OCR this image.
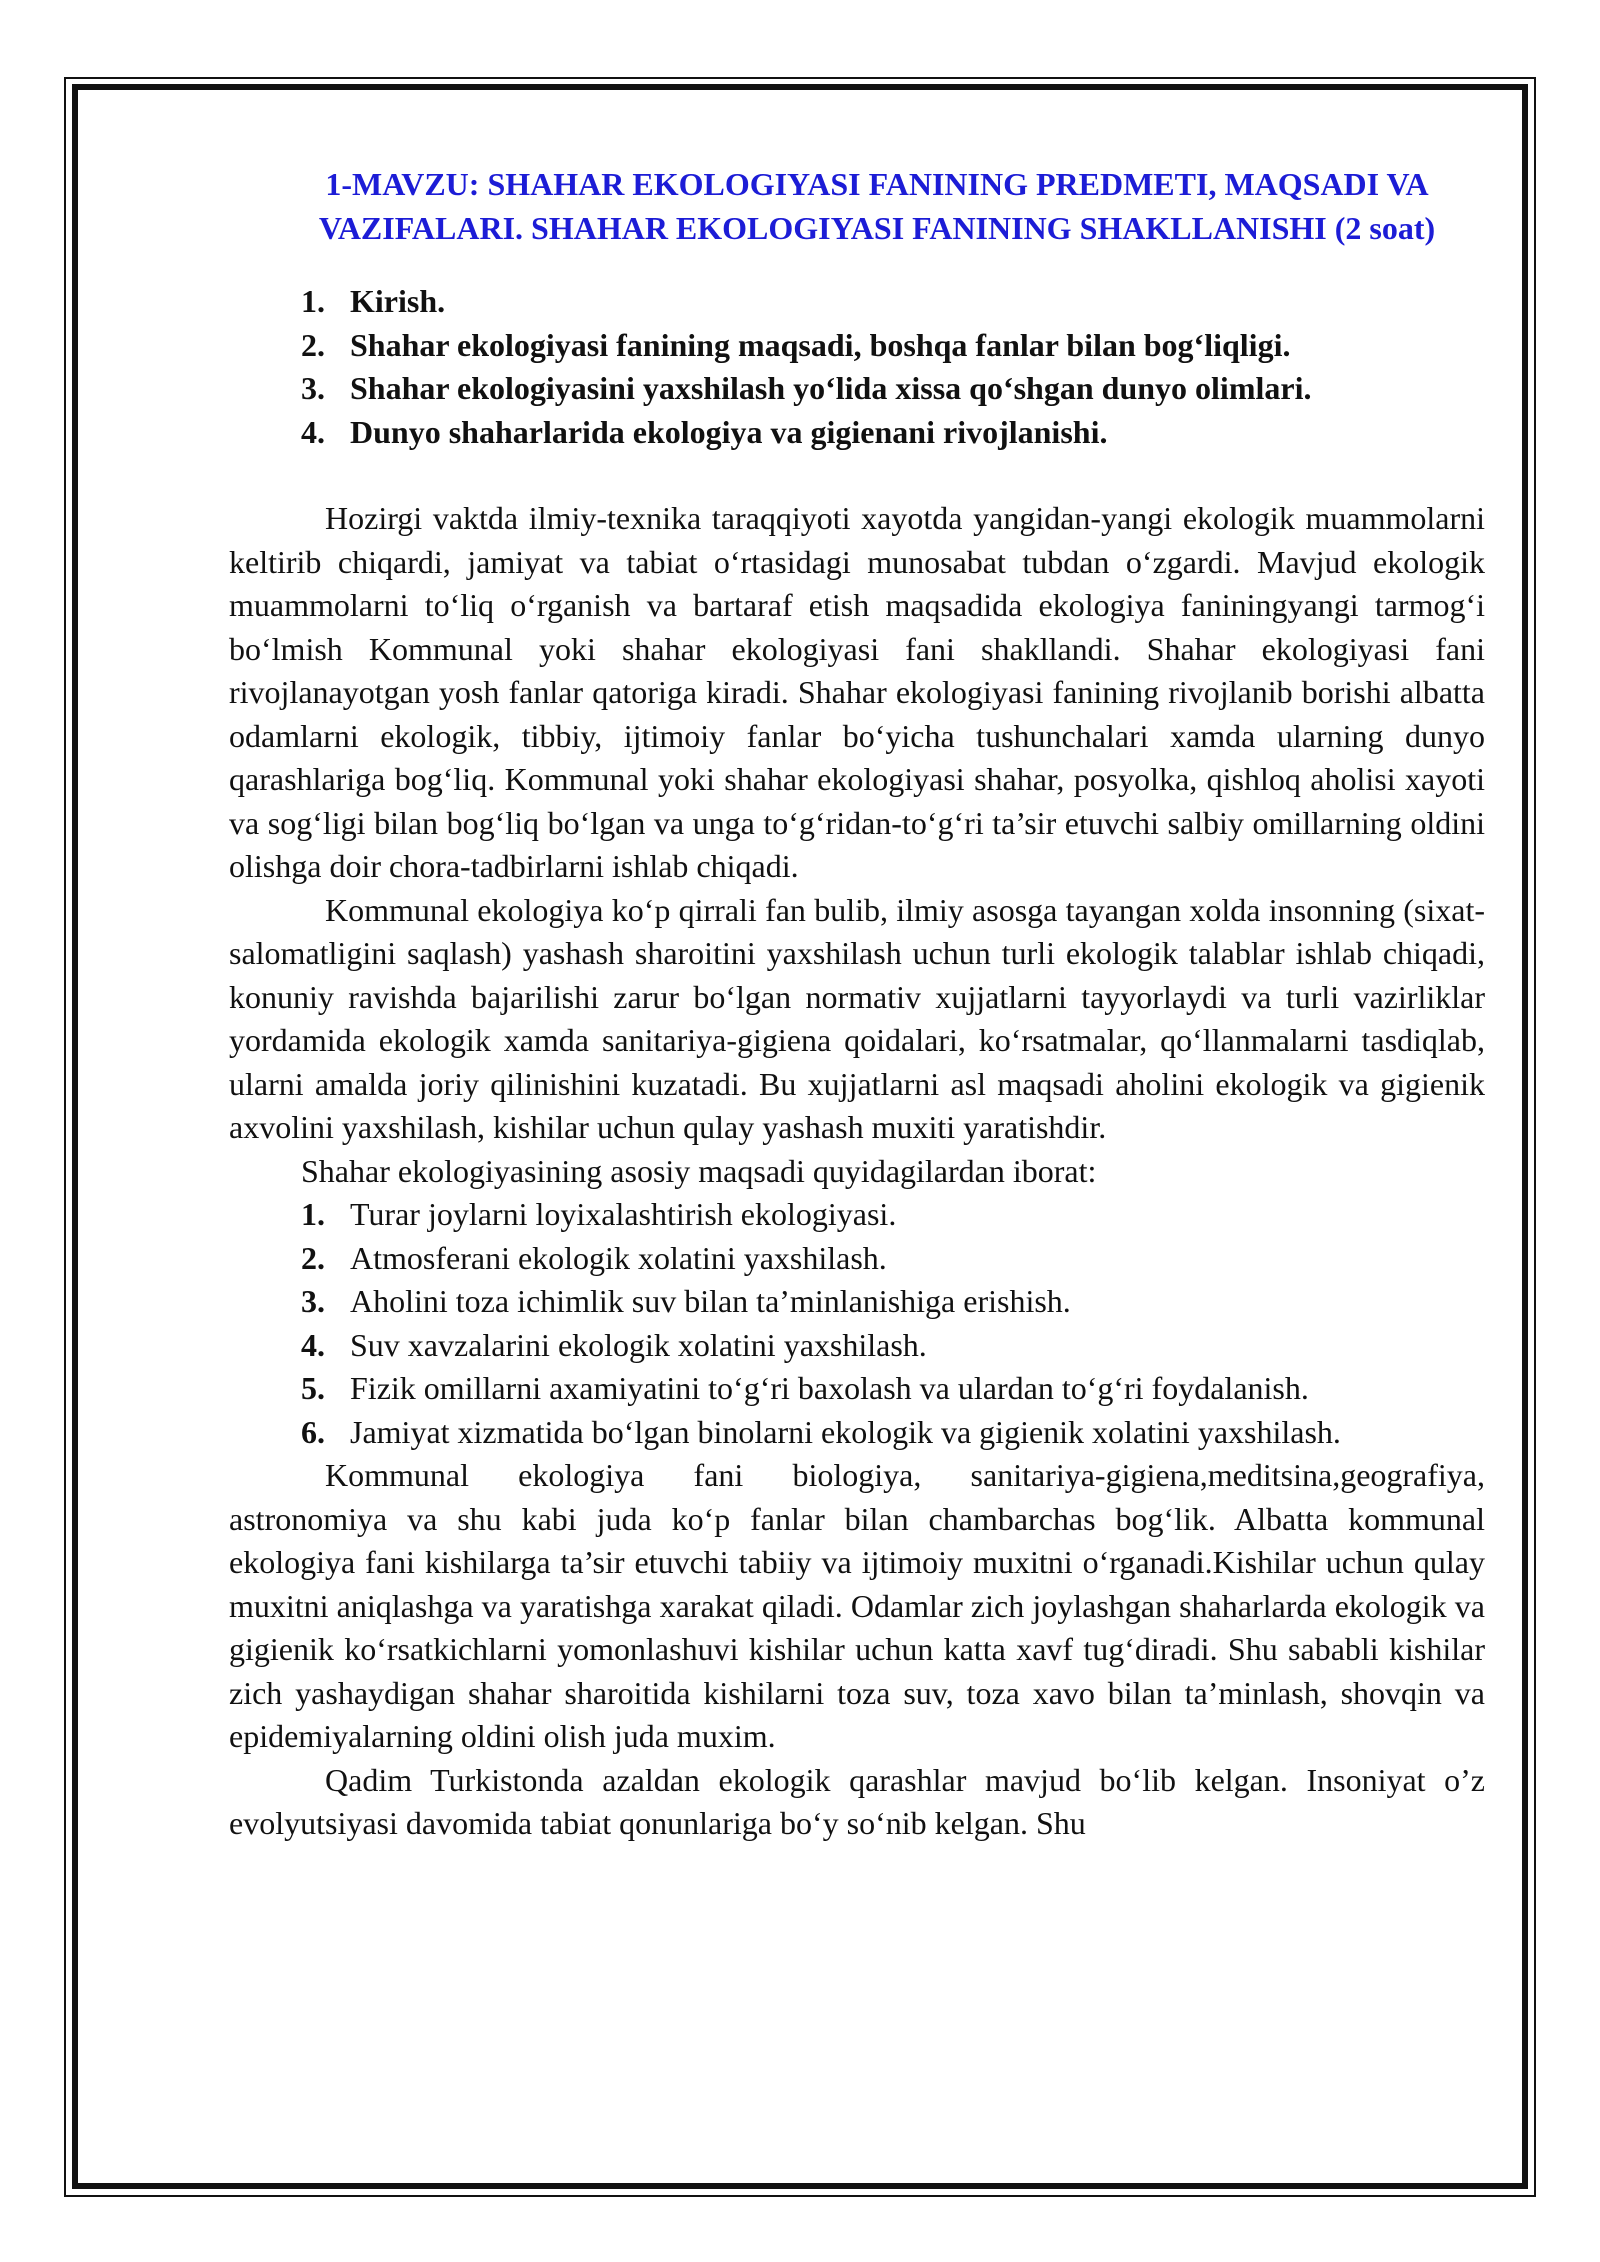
1-MAVZU: SHAHAR EKOLOGIYASI FANINING PREDMETI, MAQSADI VA VAZIFALARI. SHAHAR EKOLOGIYASI FANINING SHAKLLANISHI (2 soat)
1. Kirish.
2. Shahar ekologiyasi fanining maqsadi, boshqa fanlar bilan bog‘liqligi.
3. Shahar ekologiyasini yaxshilash yo‘lida xissa qo‘shgan dunyo olimlari.
4. Dunyo shaharlarida ekologiya va gigienani rivojlanishi.

Hozirgi vaktda ilmiy-texnika taraqqiyoti xayotda yangidan-yangi ekologik muammolarni keltirib chiqardi, jamiyat va tabiat o‘rtasidagi munosabat tubdan o‘zgardi. Mavjud ekologik muammolarni to‘liq o‘rganish va bartaraf etish maqsadida ekologiya faniningyangi tarmog‘i bo‘lmish Kommunal yoki shahar ekologiyasi fani shakllandi. Shahar ekologiyasi fani rivojlanayotgan yosh fanlar qatoriga kiradi. Shahar ekologiyasi fanining rivojlanib borishi albatta odamlarni ekologik, tibbiy, ijtimoiy fanlar bo‘yicha tushunchalari xamda ularning dunyo qarashlariga bog‘liq. Kommunal yoki shahar ekologiyasi shahar, posyolka, qishloq aholisi xayoti va sog‘ligi bilan bog‘liq bo‘lgan va unga to‘g‘ridan-to‘g‘ri ta’sir etuvchi salbiy omillarning oldini olishga doir chora-tadbirlarni ishlab chiqadi.

Kommunal ekologiya ko‘p qirrali fan bulib, ilmiy asosga tayangan xolda insonning (sixat-salomatligini saqlash) yashash sharoitini yaxshilash uchun turli ekologik talablar ishlab chiqadi, konuniy ravishda bajarilishi zarur bo‘lgan normativ xujjatlarni tayyorlaydi va turli vazirliklar yordamida ekologik xamda sanitariya-gigiena qoidalari, ko‘rsatmalar, qo‘llanmalarni tasdiqlab, ularni amalda joriy qilinishini kuzatadi. Bu xujjatlarni asl maqsadi aholini ekologik va gigienik axvolini yaxshilash, kishilar uchun qulay yashash muxiti yaratishdir.

Shahar ekologiyasining asosiy maqsadi quyidagilardan iborat:

1. Turar joylarni loyixalashtirish ekologiyasi.
2. Atmosferani ekologik xolatini yaxshilash.
3. Aholini toza ichimlik suv bilan ta’minlanishiga erishish.
4. Suv xavzalarini ekologik xolatini yaxshilash.
5. Fizik omillarni axamiyatini to‘g‘ri baxolash va ulardan to‘g‘ri foydalanish.
6. Jamiyat xizmatida bo‘lgan binolarni ekologik va gigienik xolatini yaxshilash.

Kommunal ekologiya fani biologiya, sanitariya-gigiena,meditsina,geografiya, astronomiya va shu kabi juda ko‘p fanlar bilan chambarchas bog‘lik. Albatta kommunal ekologiya fani kishilarga ta’sir etuvchi tabiiy va ijtimoiy muxitni o‘rganadi.Kishilar uchun qulay muxitni aniqlashga va yaratishga xarakat qiladi. Odamlar zich joylashgan shaharlarda ekologik va gigienik ko‘rsatkichlarni yomonlashuvi kishilar uchun katta xavf tug‘diradi. Shu sababli kishilar zich yashaydigan shahar sharoitida kishilarni toza suv, toza xavo bilan ta’minlash, shovqin va epidemiyalarning oldini olish juda muxim.

Qadim Turkistonda azaldan ekologik qarashlar mavjud bo‘lib kelgan. Insoniyat o’z evolyutsiyasi davomida tabiat qonunlariga bo‘y so‘nib kelgan. Shu
